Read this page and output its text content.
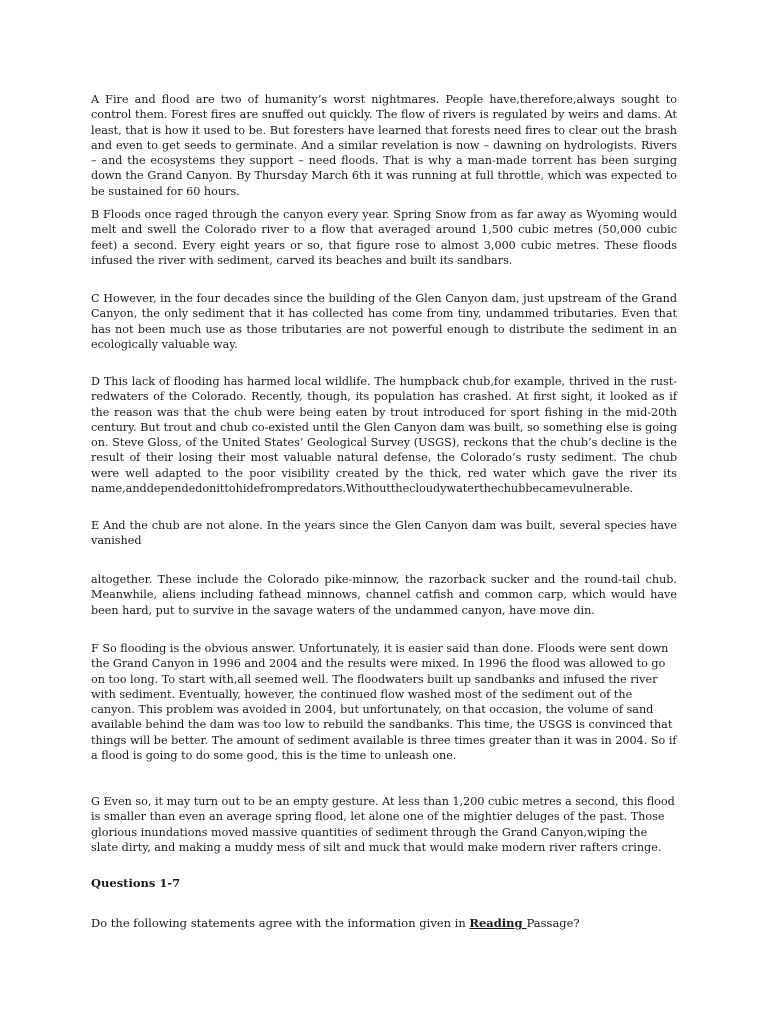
A Fire and flood are two of humanity’s worst nightmares. People have,therefore,always sought to control them. Forest fires are snuffed out quickly. The flow of rivers is regulated by weirs and dams. At least, that is how it used to be. But foresters have learned that forests need fires to clear out the brash and even to get seeds to germinate. And a similar revelation is now – dawning on hydrologists. Rivers – and the ecosystems they support – need floods. That is why a man-made torrent has been surging down the Grand Canyon. By Thursday March 6th it was running at full throttle, which was expected to be sustained for 60 hours.

B Floods once raged through the canyon every year. Spring Snow from as far away as Wyoming would melt and swell the Colorado river to a flow that averaged around 1,500 cubic metres (50,000 cubic feet) a second. Every eight years or so, that figure rose to almost 3,000 cubic metres. These floods infused the river with sediment, carved its beaches and built its sandbars.

C However, in the four decades since the building of the Glen Canyon dam, just upstream of the Grand Canyon, the only sediment that it has collected has come from tiny, undammed tributaries. Even that has not been much use as those tributaries are not powerful enough to distribute the sediment in an ecologically valuable way.

D This lack of flooding has harmed local wildlife. The humpback chub,for example, thrived in the rust-redwaters of the Colorado. Recently, though, its population has crashed. At first sight, it looked as if the reason was that the chub were being eaten by trout introduced for sport fishing in the mid-20th century. But trout and chub co-existed until the Glen Canyon dam was built, so something else is going on. Steve Gloss, of the United States’ Geological Survey (USGS), reckons that the chub’s decline is the result of their losing their most valuable natural defense, the Colorado’s rusty sediment. The chub were well adapted to the poor visibility created by the thick, red water which gave the river its name,anddependedonittohidefrompredators.Withoutthecloudywaterthechubbecamevulnerable.

E And the chub are not alone. In the years since the Glen Canyon dam was built, several species have vanished

altogether. These include the Colorado pike-minnow, the razorback sucker and the round-tail chub. Meanwhile, aliens including fathead minnows, channel catfish and common carp, which would have been hard, put to survive in the savage waters of the undammed canyon, have move din.

F So flooding is the obvious answer. Unfortunately, it is easier said than done. Floods were sent down the Grand Canyon in 1996 and 2004 and the results were mixed. In 1996 the flood was allowed to go on too long. To start with,all seemed well. The floodwaters built up sandbanks and infused the river with sediment. Eventually, however, the continued flow washed most of the sediment out of the canyon. This problem was avoided in 2004, but unfortunately, on that occasion, the volume of sand available behind the dam was too low to rebuild the sandbanks. This time, the USGS is convinced that things will be better. The amount of sediment available is three times greater than it was in 2004. So if a flood is going to do some good, this is the time to unleash one.

G Even so, it may turn out to be an empty gesture. At less than 1,200 cubic metres a second, this flood is smaller than even an average spring flood, let alone one of the mightier deluges of the past. Those glorious inundations moved massive quantities of sediment through the Grand Canyon,wiping the slate dirty, and making a muddy mess of silt and muck that would make modern river rafters cringe.

Questions 1-7

Do the following statements agree with the information given in Reading Passage?
